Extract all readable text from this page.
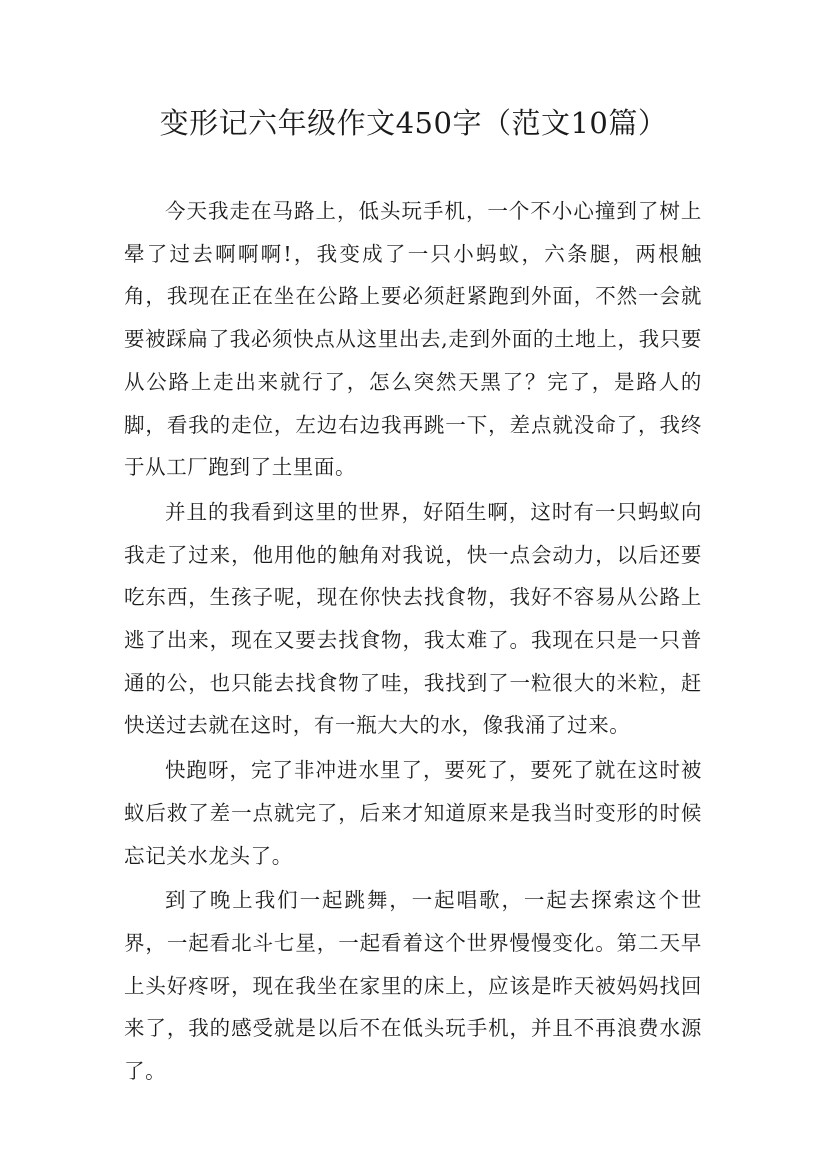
变形记六年级作文450字（范文10篇）

今天我走在马路上，低头玩手机，一个不小心撞到了树上晕了过去啊啊啊!，我变成了一只小蚂蚁，六条腿，两根触角，我现在正在坐在公路上要必须赶紧跑到外面，不然一会就要被踩扁了我必须快点从这里出去,走到外面的土地上，我只要从公路上走出来就行了，怎么突然天黑了？完了，是路人的脚，看我的走位，左边右边我再跳一下，差点就没命了，我终于从工厂跑到了土里面。

并且的我看到这里的世界，好陌生啊，这时有一只蚂蚁向我走了过来，他用他的触角对我说，快一点会动力，以后还要吃东西，生孩子呢，现在你快去找食物，我好不容易从公路上逃了出来，现在又要去找食物，我太难了。我现在只是一只普通的公，也只能去找食物了哇，我找到了一粒很大的米粒，赶快送过去就在这时，有一瓶大大的水，像我涌了过来。

快跑呀，完了非冲进水里了，要死了，要死了就在这时被蚁后救了差一点就完了，后来才知道原来是我当时变形的时候忘记关水龙头了。

到了晚上我们一起跳舞，一起唱歌，一起去探索这个世界，一起看北斗七星，一起看着这个世界慢慢变化。第二天早上头好疼呀，现在我坐在家里的床上，应该是昨天被妈妈找回来了，我的感受就是以后不在低头玩手机，并且不再浪费水源了。
